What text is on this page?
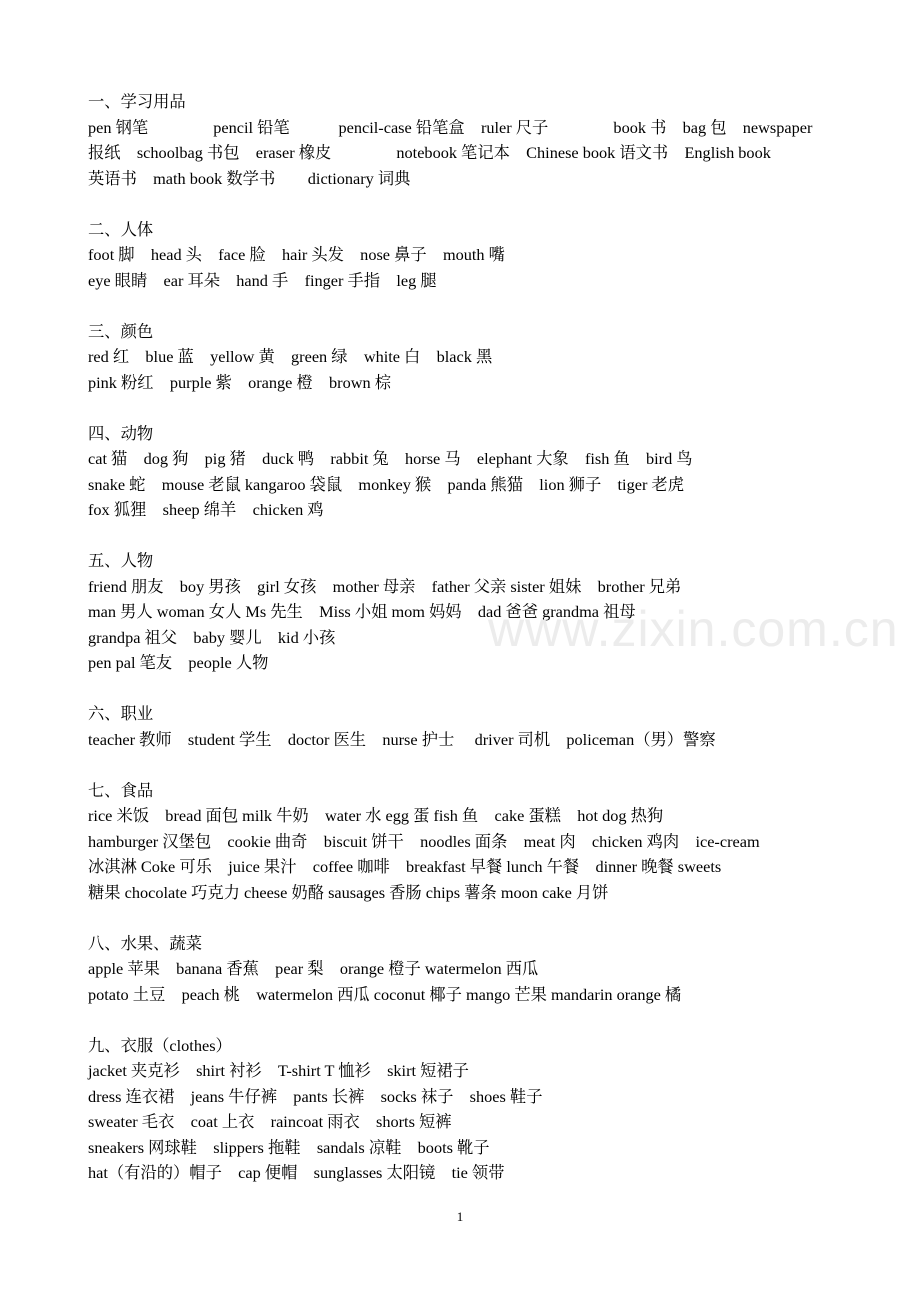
一、学习用品
pen 钢笔　　　　pencil 铅笔　　　pencil-case 铅笔盒　ruler 尺子　　　　book 书　bag 包　newspaper
报纸　schoolbag 书包　eraser 橡皮　　　　notebook 笔记本　Chinese book 语文书　English book
英语书　math book 数学书　　dictionary 词典
二、人体
foot 脚　head 头　face 脸　hair 头发　nose 鼻子　mouth 嘴
eye 眼睛　ear 耳朵　hand 手　finger 手指　leg 腿
三、颜色
red 红　blue 蓝　yellow 黄　green 绿　white 白　black 黑
pink 粉红　purple 紫　orange 橙　brown 棕
四、动物
cat 猫　dog 狗　pig 猪　duck 鸭　rabbit 兔　horse 马　elephant 大象　fish 鱼　bird 鸟
snake 蛇　mouse 老鼠 kangaroo 袋鼠　monkey 猴　panda 熊猫　lion 狮子　tiger 老虎
fox 狐狸　sheep 绵羊　chicken 鸡
五、人物
friend 朋友　boy 男孩　girl 女孩　mother 母亲　father 父亲 sister 姐妹　brother 兄弟
man 男人 woman 女人 Ms 先生　Miss 小姐 mom 妈妈　dad 爸爸 grandma 祖母
grandpa 祖父　baby 婴儿　kid 小孩
pen pal 笔友　people 人物
六、职业
teacher 教师　student 学生　doctor 医生　nurse 护士　 driver 司机　policeman（男）警察
七、食品
rice 米饭　bread 面包 milk 牛奶　water 水 egg 蛋 fish 鱼　cake 蛋糕　hot dog 热狗
hamburger 汉堡包　cookie 曲奇　biscuit 饼干　noodles 面条　meat 肉　chicken 鸡肉　ice-cream
冰淇淋 Coke 可乐　juice 果汁　coffee 咖啡　breakfast 早餐 lunch 午餐　dinner 晚餐 sweets
糖果 chocolate 巧克力 cheese 奶酪 sausages 香肠 chips 薯条 moon cake 月饼
八、水果、蔬菜
apple 苹果　banana 香蕉　pear 梨　orange 橙子 watermelon 西瓜
potato 土豆　peach 桃　watermelon 西瓜 coconut 椰子 mango 芒果 mandarin orange 橘
九、衣服（clothes）
jacket 夹克衫　shirt 衬衫　T-shirt T 恤衫　skirt 短裙子
dress 连衣裙　jeans 牛仔裤　pants 长裤　socks 袜子　shoes 鞋子
sweater 毛衣　coat 上衣　raincoat 雨衣　shorts 短裤
sneakers 网球鞋　slippers 拖鞋　sandals 凉鞋　boots 靴子
hat（有沿的）帽子　cap 便帽　sunglasses 太阳镜　tie 领带
www.zixin.com.cn
1
